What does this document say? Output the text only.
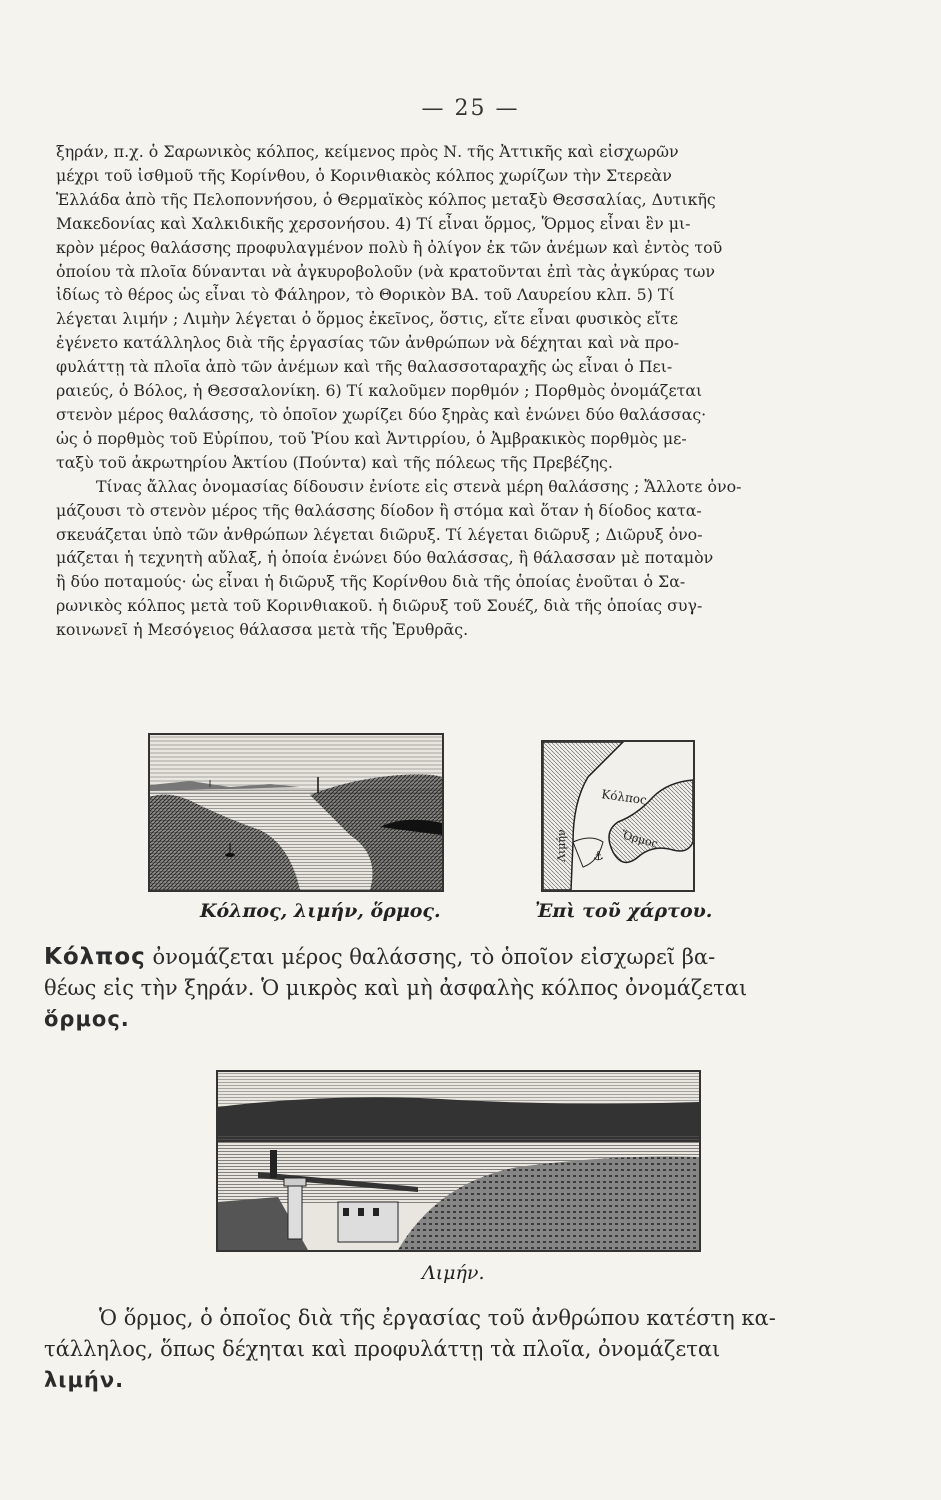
— 25 —
ξηράν, π.χ. ὁ Σαρωνικὸς κόλπος, κείμενος πρὸς Ν. τῆς Ἀττικῆς καὶ εἰσχωρῶν
μέχρι τοῦ ἰσθμοῦ τῆς Κορίνθου, ὁ Κορινθιακὸς κόλπος χωρίζων τὴν Στερεὰν
Ἑλλάδα ἀπὸ τῆς Πελοποννήσου, ὁ Θερμαϊκὸς κόλπος μεταξὺ Θεσσαλίας, Δυτικῆς
Μακεδονίας καὶ Χαλκιδικῆς χερσονήσου. 4) Τί εἶναι ὅρμος, Ὅρμος εἶναι ἓν μι-
κρὸν μέρος θαλάσσης προφυλαγμένον πολὺ ἢ ὀλίγον ἐκ τῶν ἀνέμων καὶ ἐντὸς τοῦ
ὁποίου τὰ πλοῖα δύνανται νὰ ἀγκυροβολοῦν (νὰ κρατοῦνται ἐπὶ τὰς ἀγκύρας των
ἰδίως τὸ θέρος ὡς εἶναι τὸ Φάληρον, τὸ Θορικὸν ΒΑ. τοῦ Λαυρείου κλπ. 5) Τί
λέγεται λιμήν ; Λιμὴν λέγεται ὁ ὅρμος ἐκεῖνος, ὅστις, εἴτε εἶναι φυσικὸς εἴτε
ἐγένετο κατάλληλος διὰ τῆς ἐργασίας τῶν ἀνθρώπων νὰ δέχηται καὶ νὰ προ-
φυλάττῃ τὰ πλοῖα ἀπὸ τῶν ἀνέμων καὶ τῆς θαλασσοταραχῆς ὡς εἶναι ὁ Πει-
ραιεύς, ὁ Βόλος, ἡ Θεσσαλονίκη. 6) Τί καλοῦμεν πορθμόν ; Πορθμὸς ὀνομάζεται
στενὸν μέρος θαλάσσης, τὸ ὁποῖον χωρίζει δύο ξηρὰς καὶ ἑνώνει δύο θαλάσσας·
ὡς ὁ πορθμὸς τοῦ Εὐρίπου, τοῦ Ῥίου καὶ Ἀντιρρίου, ὁ Ἀμβρακικὸς πορθμὸς με-
ταξὺ τοῦ ἀκρωτηρίου Ἀκτίου (Πούντα) καὶ τῆς πόλεως τῆς Πρεβέζης.
Τίνας ἄλλας ὀνομασίας δίδουσιν ἐνίοτε εἰς στενὰ μέρη θαλάσσης ; Ἄλλοτε ὀνο-
μάζουσι τὸ στενὸν μέρος τῆς θαλάσσης δίοδον ἢ στόμα καὶ ὅταν ἡ δίοδος κατα-
σκευάζεται ὑπὸ τῶν ἀνθρώπων λέγεται διῶρυξ. Τί λέγεται διῶρυξ ; Διῶρυξ ὀνο-
μάζεται ἡ τεχνητὴ αὔλαξ, ἡ ὁποία ἑνώνει δύο θαλάσσας, ἢ θάλασσαν μὲ ποταμὸν
ἢ δύο ποταμούς· ὡς εἶναι ἡ διῶρυξ τῆς Κορίνθου διὰ τῆς ὁποίας ἑνοῦται ὁ Σα-
ρωνικὸς κόλπος μετὰ τοῦ Κορινθιακοῦ. ἡ διῶρυξ τοῦ Σουέζ, διὰ τῆς ὁποίας συγ-
κοινωνεῖ ἡ Μεσόγειος θάλασσα μετὰ τῆς Ἐρυθρᾶς.
Κόλπος, λιμήν, ὅρμος.
⚓
Κόλπος
Ὅρμος
Λιμήν
Ἐπὶ τοῦ χάρτου.
Κόλπος ὀνομάζεται μέρος θαλάσσης, τὸ ὁποῖον εἰσχωρεῖ βα-
θέως εἰς τὴν ξηράν. Ὁ μικρὸς καὶ μὴ ἀσφαλὴς κόλπος ὀνομάζεται
ὅρμος.
Λιμήν.
Ὁ ὅρμος, ὁ ὁποῖος διὰ τῆς ἐργασίας τοῦ ἀνθρώπου κατέστη κα-
τάλληλος, ὅπως δέχηται καὶ προφυλάττῃ τὰ πλοῖα, ὀνομάζεται
λιμήν.
